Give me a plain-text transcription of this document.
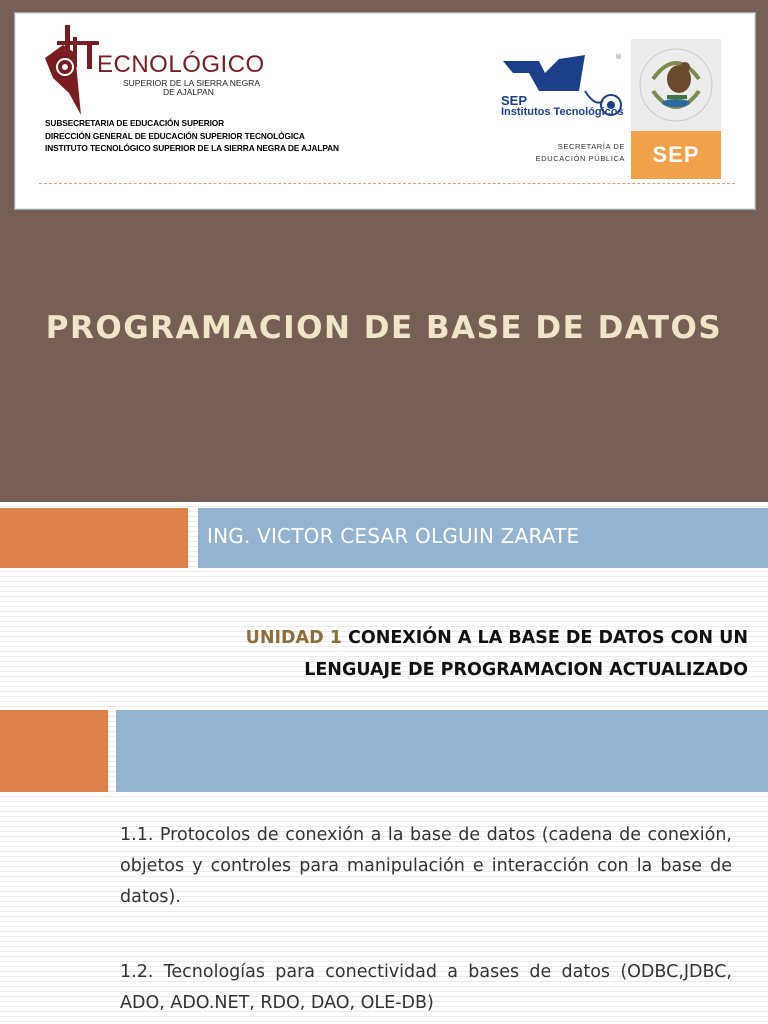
ECNOLÓGICO
SUPERIOR DE LA SIERRA NEGRA
DE AJALPAN
SUBSECRETARIA DE EDUCACIÓN SUPERIOR
DIRECCIÓN GENERAL DE EDUCACIÓN SUPERIOR TECNOLÓGICA
INSTITUTO TECNOLÓGICO SUPERIOR DE LA SIERRA NEGRA DE AJALPAN
SEP
Institutos Tecnológicos
®
SECRETARÍA DE
EDUCACIÓN PÚBLICA	SEP
PROGRAMACION DE BASE DE DATOS
ING. VICTOR CESAR OLGUIN ZARATE
UNIDAD 1 CONEXIÓN A LA BASE DE DATOS CON UN
LENGUAJE DE PROGRAMACION ACTUALIZADO
1.1. Protocolos de conexión a la base de datos (cadena de conexión, objetos y controles para manipulación e interacción con la base de datos).
1.2. Tecnologías para conectividad a bases de datos (ODBC,JDBC, ADO, ADO.NET, RDO, DAO, OLE-DB)
